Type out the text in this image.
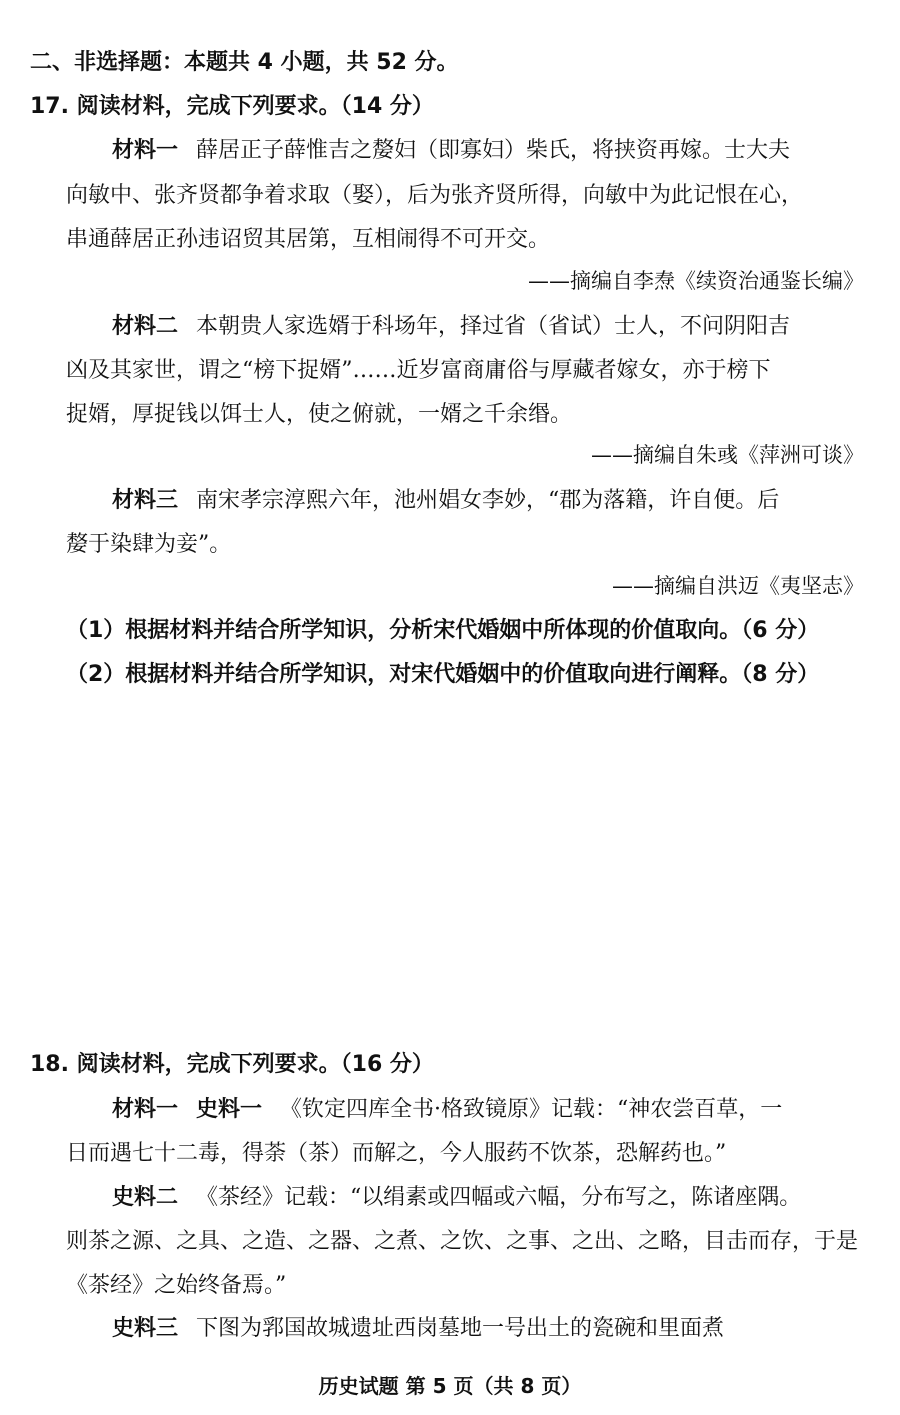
二、非选择题：本题共 4 小题，共 52 分。
17. 阅读材料，完成下列要求。（14 分）
材料一 薛居正子薛惟吉之嫠妇（即寡妇）柴氏，将挟资再嫁。士大夫
向敏中、张齐贤都争着求取（娶），后为张齐贤所得，向敏中为此记恨在心，
串通薛居正孙违诏贸其居第，互相闹得不可开交。
——摘编自李焘《续资治通鉴长编》
材料二 本朝贵人家选婿于科场年，择过省（省试）士人，不问阴阳吉
凶及其家世，谓之“榜下捉婿”……近岁富商庸俗与厚藏者嫁女，亦于榜下
捉婿，厚捉钱以饵士人，使之俯就，一婿之千余缗。
——摘编自朱彧《萍洲可谈》
材料三 南宋孝宗淳熙六年，池州娼女李妙，“郡为落籍，许自便。后
嫠于染肆为妾”。
——摘编自洪迈《夷坚志》
（1）根据材料并结合所学知识，分析宋代婚姻中所体现的价值取向。（6 分）
（2）根据材料并结合所学知识，对宋代婚姻中的价值取向进行阐释。（8 分）
18. 阅读材料，完成下列要求。（16 分）
材料一 史料一 《钦定四库全书·格致镜原》记载：“神农尝百草，一
日而遇七十二毒，得荼（茶）而解之，今人服药不饮茶，恐解药也。”
史料二 《茶经》记载：“以绢素或四幅或六幅，分布写之，陈诸座隅。
则茶之源、之具、之造、之器、之煮、之饮、之事、之出、之略，目击而存，于是
《茶经》之始终备焉。”
史料三 下图为郛国故城遗址西岗墓地一号出土的瓷碗和里面煮
历史试题 第 5 页（共 8 页）
